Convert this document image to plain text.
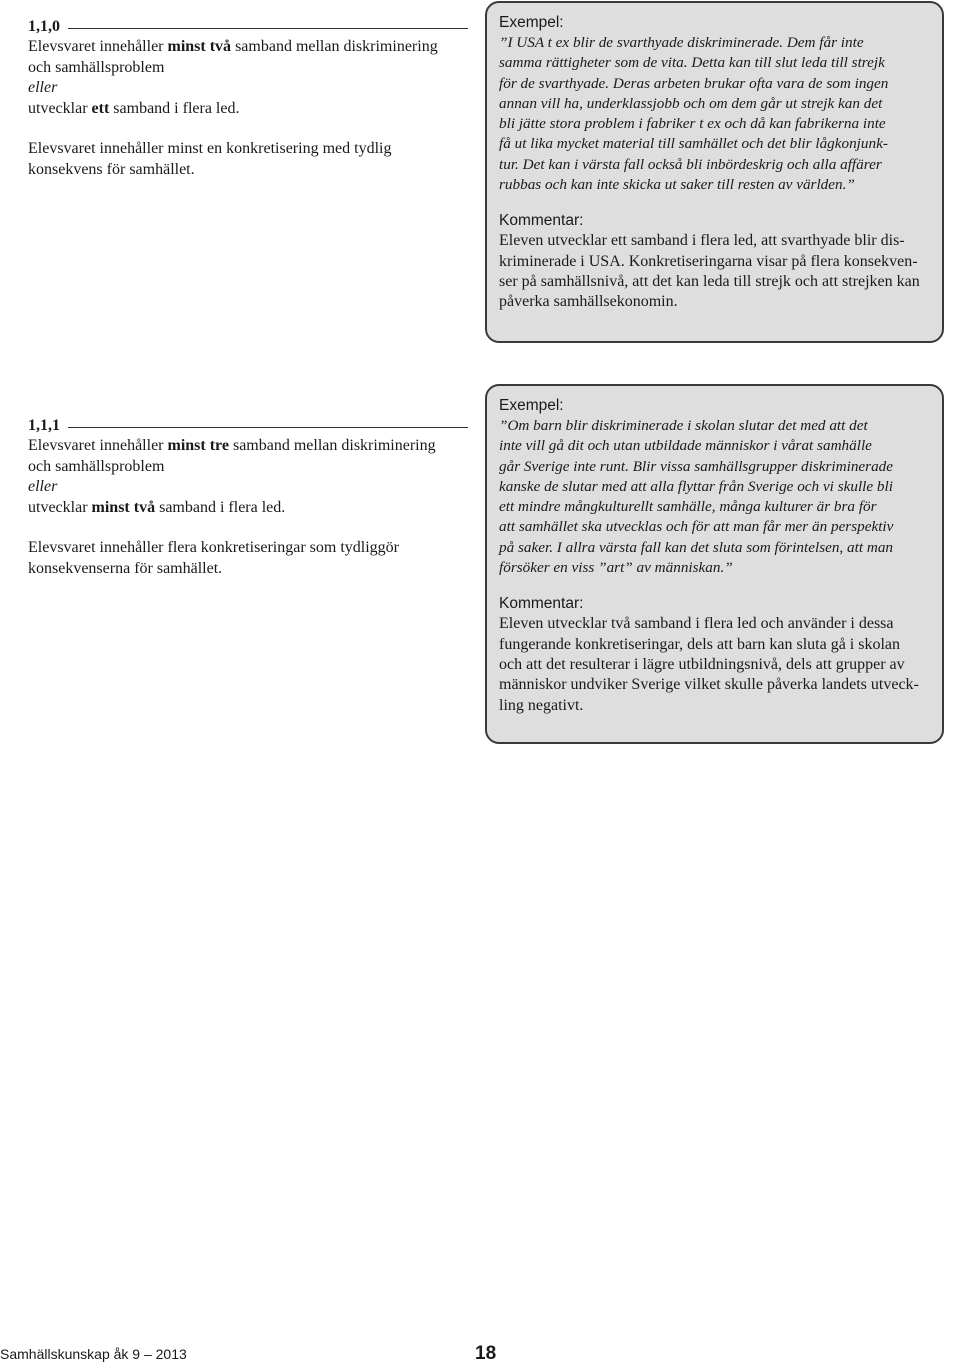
1,1,0
Elevsvaret innehåller minst två samband mellan diskriminering
och samhällsproblem
eller
utvecklar ett samband i flera led.
Elevsvaret innehåller minst en konkretisering med tydlig
konsekvens för samhället.
Exempel:
”I USA t ex blir de svarthyade diskriminerade. Dem får inte
samma rättigheter som de vita. Detta kan till slut leda till strejk
för de svarthyade. Deras arbeten brukar ofta vara de som ingen
annan vill ha, underklassjobb och om dem går ut strejk kan det
bli jätte stora problem i fabriker t ex och då kan fabrikerna inte
få ut lika mycket material till samhället och det blir lågkonjunk-
tur. Det kan i värsta fall också bli inbördeskrig och alla affärer
rubbas och kan inte skicka ut saker till resten av världen.”
Kommentar:
Eleven utvecklar ett samband i flera led, att svarthyade blir dis-
kriminerade i USA. Konkretiseringarna visar på flera konsekven-
ser på samhällsnivå, att det kan leda till strejk och att strejken kan
påverka samhällsekonomin.
1,1,1
Elevsvaret innehåller minst tre samband mellan diskriminering
och samhällsproblem
eller
utvecklar minst två samband i flera led.
Elevsvaret innehåller flera konkretiseringar som tydliggör
konsekvenserna för samhället.
Exempel:
”Om barn blir diskriminerade i skolan slutar det med att det
inte vill gå dit och utan utbildade människor i vårat samhälle
går Sverige inte runt. Blir vissa samhällsgrupper diskriminerade
kanske de slutar med att alla flyttar från Sverige och vi skulle bli
ett mindre mångkulturellt samhälle, många kulturer är bra för
att samhället ska utvecklas och för att man får mer än perspektiv
på saker. I allra värsta fall kan det sluta som förintelsen, att man
försöker en viss ”art” av människan.”
Kommentar:
Eleven utvecklar två samband i flera led och använder i dessa
fungerande konkretiseringar, dels att barn kan sluta gå i skolan
och att det resulterar i lägre utbildningsnivå, dels att grupper av
människor undviker Sverige vilket skulle påverka landets utveck-
ling negativt.
Samhällskunskap åk 9 – 2013	18
